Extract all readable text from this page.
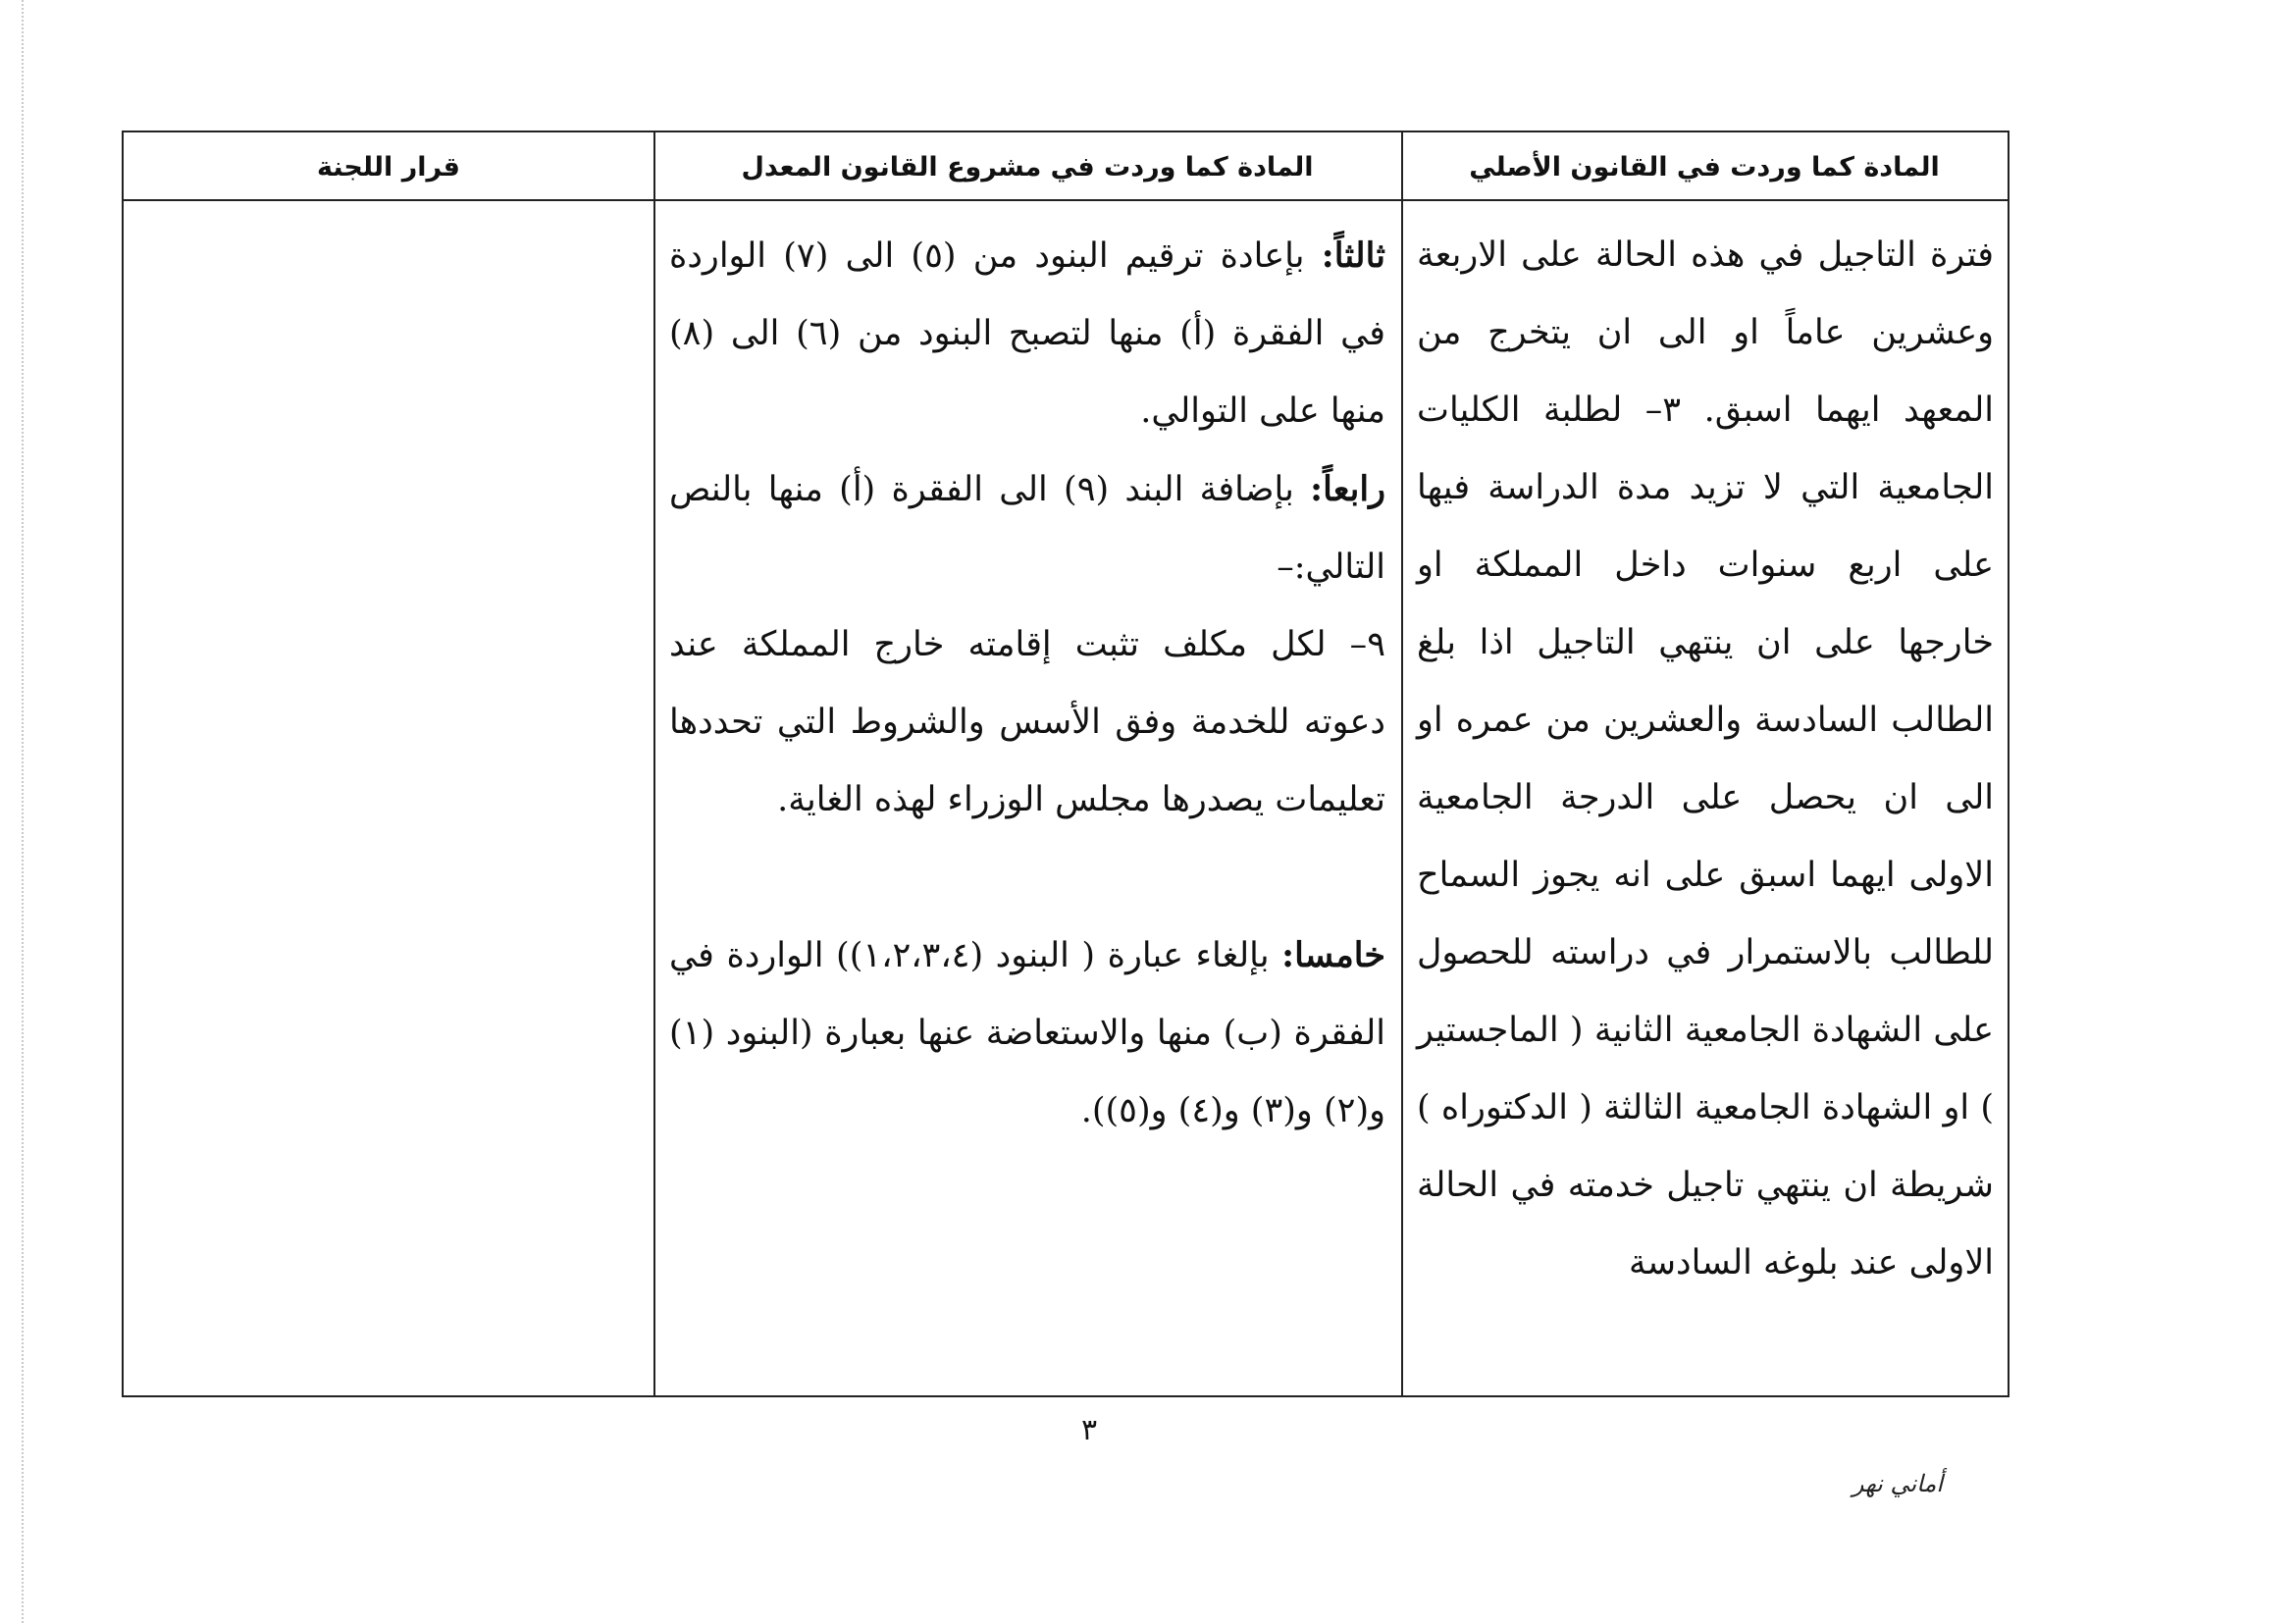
المادة كما وردت في القانون الأصلي
المادة كما وردت في مشروع القانون المعدل
قرار اللجنة
فترة التاجيل في هذه الحالة على الاربعة وعشرين عاماً او الى ان يتخرج من المعهد ايهما اسبق. ٣– لطلبة الكليات الجامعية التي لا تزيد مدة الدراسة فيها على اربع سنوات داخل المملكة او خارجها على ان ينتهي التاجيل اذا بلغ الطالب السادسة والعشرين من عمره او الى ان يحصل على الدرجة الجامعية الاولى ايهما اسبق على انه يجوز السماح للطالب بالاستمرار في دراسته للحصول على الشهادة الجامعية الثانية ( الماجستير ) او الشهادة الجامعية الثالثة ( الدكتوراه ) شريطة ان ينتهي تاجيل خدمته في الحالة الاولى عند بلوغه السادسة

ثالثاً: بإعادة ترقيم البنود من (٥) الى (٧) الواردة في الفقرة (أ) منها لتصبح البنود من (٦) الى (٨) منها على التوالي.

رابعاً: بإضافة البند (٩) الى الفقرة (أ) منها بالنص التالي:–

٩– لكل مكلف تثبت إقامته خارج المملكة عند دعوته للخدمة وفق الأسس والشروط التي تحددها تعليمات يصدرها مجلس الوزراء لهذه الغاية.

خامسا: بإلغاء عبارة ( البنود (١،٢،٣،٤)) الواردة في الفقرة (ب) منها والاستعاضة عنها بعبارة (البنود (١) و(٢) و(٣) و(٤) و(٥)).

٣
أماني نهر
